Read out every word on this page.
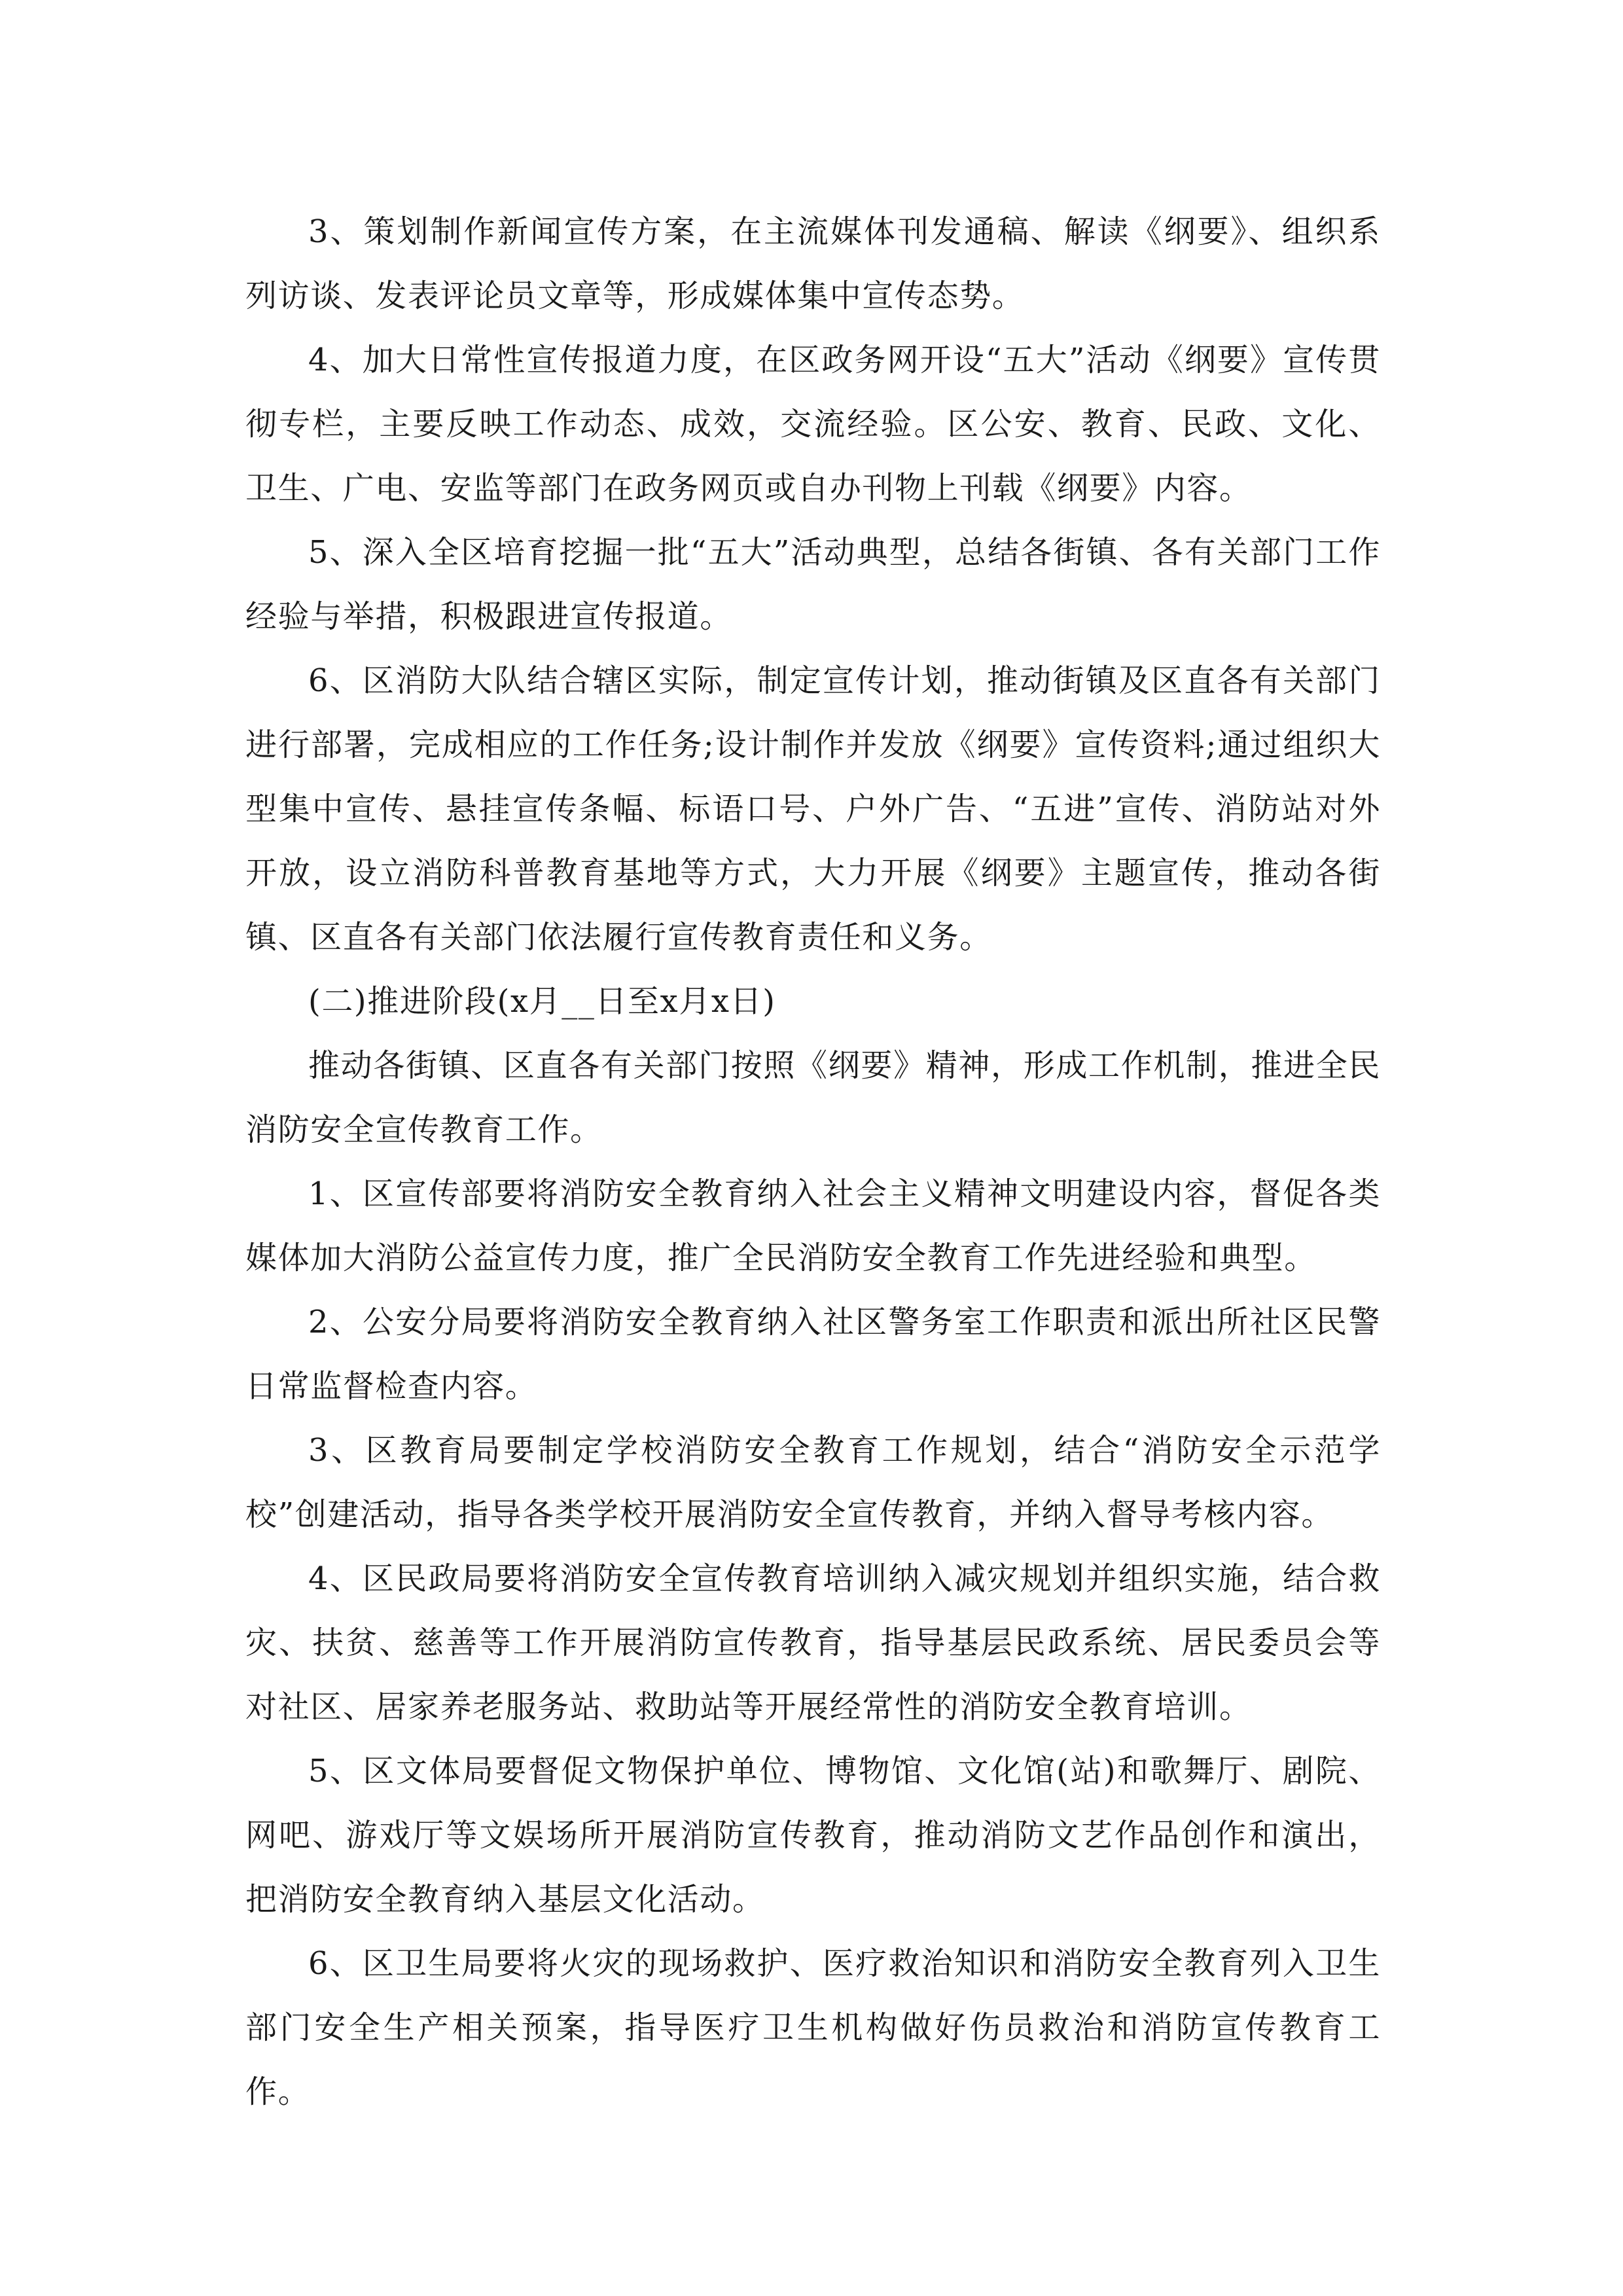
3、策划制作新闻宣传方案，在主流媒体刊发通稿、解读《纲要》、组织系列访谈、发表评论员文章等，形成媒体集中宣传态势。

4、加大日常性宣传报道力度，在区政务网开设“五大”活动《纲要》宣传贯彻专栏，主要反映工作动态、成效，交流经验。区公安、教育、民政、文化、卫生、广电、安监等部门在政务网页或自办刊物上刊载《纲要》内容。

5、深入全区培育挖掘一批“五大”活动典型，总结各街镇、各有关部门工作经验与举措，积极跟进宣传报道。

6、区消防大队结合辖区实际，制定宣传计划，推动街镇及区直各有关部门进行部署，完成相应的工作任务;设计制作并发放《纲要》宣传资料;通过组织大型集中宣传、悬挂宣传条幅、标语口号、户外广告、“五进”宣传、消防站对外开放，设立消防科普教育基地等方式，大力开展《纲要》主题宣传，推动各街镇、区直各有关部门依法履行宣传教育责任和义务。

(二)推进阶段(x月__日至x月x日)

推动各街镇、区直各有关部门按照《纲要》精神，形成工作机制，推进全民消防安全宣传教育工作。

1、区宣传部要将消防安全教育纳入社会主义精神文明建设内容，督促各类媒体加大消防公益宣传力度，推广全民消防安全教育工作先进经验和典型。

2、公安分局要将消防安全教育纳入社区警务室工作职责和派出所社区民警日常监督检查内容。

3、区教育局要制定学校消防安全教育工作规划，结合“消防安全示范学校”创建活动，指导各类学校开展消防安全宣传教育，并纳入督导考核内容。

4、区民政局要将消防安全宣传教育培训纳入减灾规划并组织实施，结合救灾、扶贫、慈善等工作开展消防宣传教育，指导基层民政系统、居民委员会等对社区、居家养老服务站、救助站等开展经常性的消防安全教育培训。

5、区文体局要督促文物保护单位、博物馆、文化馆(站)和歌舞厅、剧院、网吧、游戏厅等文娱场所开展消防宣传教育，推动消防文艺作品创作和演出，把消防安全教育纳入基层文化活动。

6、区卫生局要将火灾的现场救护、医疗救治知识和消防安全教育列入卫生部门安全生产相关预案，指导医疗卫生机构做好伤员救治和消防宣传教育工作。
